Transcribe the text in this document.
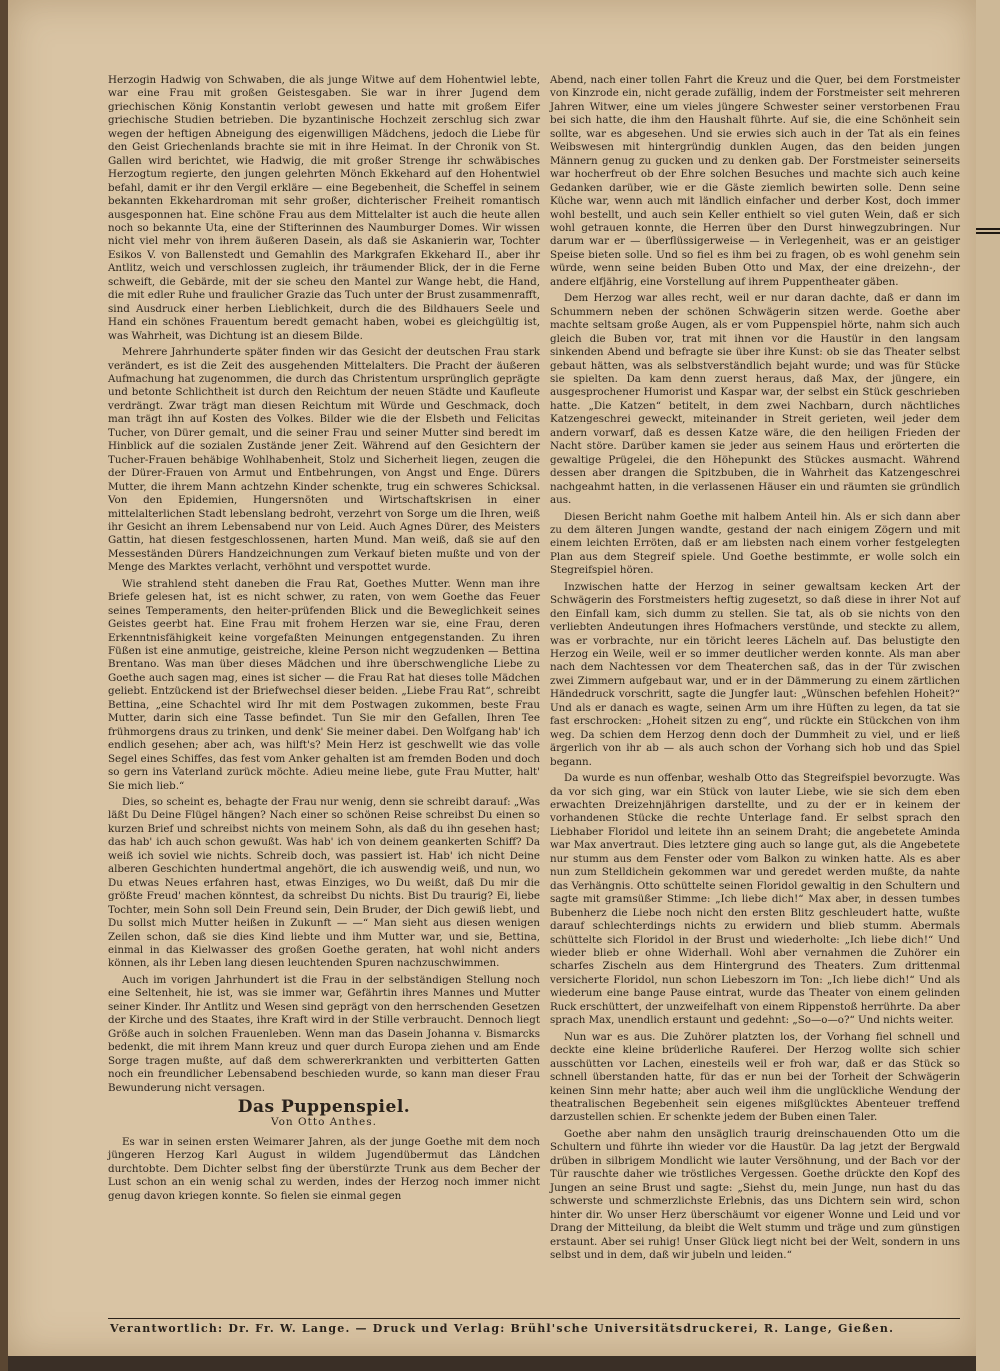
Herzogin Hadwig von Schwaben, die als junge Witwe auf dem Hohentwiel lebte, war eine Frau mit großen Geistesgaben. Sie war in ihrer Jugend dem griechischen König Konstantin verlobt gewesen und hatte mit großem Eifer griechische Studien betrieben. Die byzantinische Hochzeit zerschlug sich zwar wegen der heftigen Abneigung des eigenwilligen Mädchens, jedoch die Liebe für den Geist Griechenlands brachte sie mit in ihre Heimat. In der Chronik von St. Gallen wird berichtet, wie Hadwig, die mit großer Strenge ihr schwäbisches Herzogtum regierte, den jungen gelehrten Mönch Ekkehard auf den Hohentwiel befahl, damit er ihr den Vergil erkläre — eine Begebenheit, die Scheffel in seinem bekannten Ekkehardroman mit sehr großer, dichterischer Freiheit romantisch ausgesponnen hat. Eine schöne Frau aus dem Mittelalter ist auch die heute allen noch so bekannte Uta, eine der Stifterinnen des Naumburger Domes. Wir wissen nicht viel mehr von ihrem äußeren Dasein, als daß sie Askanierin war, Tochter Esikos V. von Ballenstedt und Gemahlin des Markgrafen Ekkehard II., aber ihr Antlitz, weich und verschlossen zugleich, ihr träumender Blick, der in die Ferne schweift, die Gebärde, mit der sie scheu den Mantel zur Wange hebt, die Hand, die mit edler Ruhe und fraulicher Grazie das Tuch unter der Brust zusammenrafft, sind Ausdruck einer herben Lieblichkeit, durch die des Bildhauers Seele und Hand ein schönes Frauentum beredt gemacht haben, wobei es gleichgültig ist, was Wahrheit, was Dichtung ist an diesem Bilde.

Mehrere Jahrhunderte später finden wir das Gesicht der deutschen Frau stark verändert, es ist die Zeit des ausgehenden Mittelalters. Die Pracht der äußeren Aufmachung hat zugenommen, die durch das Christentum ursprünglich geprägte und betonte Schlichtheit ist durch den Reichtum der neuen Städte und Kaufleute verdrängt. Zwar trägt man diesen Reichtum mit Würde und Geschmack, doch man trägt ihn auf Kosten des Volkes. Bilder wie die der Elsbeth und Felicitas Tucher, von Dürer gemalt, und die seiner Frau und seiner Mutter sind beredt im Hinblick auf die sozialen Zustände jener Zeit. Während auf den Gesichtern der Tucher-Frauen behäbige Wohlhabenheit, Stolz und Sicherheit liegen, zeugen die der Dürer-Frauen von Armut und Entbehrungen, von Angst und Enge. Dürers Mutter, die ihrem Mann achtzehn Kinder schenkte, trug ein schweres Schicksal. Von den Epidemien, Hungersnöten und Wirtschaftskrisen in einer mittelalterlichen Stadt lebenslang bedroht, verzehrt von Sorge um die Ihren, weiß ihr Gesicht an ihrem Lebensabend nur von Leid. Auch Agnes Dürer, des Meisters Gattin, hat diesen festgeschlossenen, harten Mund. Man weiß, daß sie auf den Messeständen Dürers Handzeichnungen zum Verkauf bieten mußte und von der Menge des Marktes verlacht, verhöhnt und verspottet wurde.

Wie strahlend steht daneben die Frau Rat, Goethes Mutter. Wenn man ihre Briefe gelesen hat, ist es nicht schwer, zu raten, von wem Goethe das Feuer seines Temperaments, den heiter-prüfenden Blick und die Beweglichkeit seines Geistes geerbt hat. Eine Frau mit frohem Herzen war sie, eine Frau, deren Erkenntnisfähigkeit keine vorgefaßten Meinungen entgegenstanden. Zu ihren Füßen ist eine anmutige, geistreiche, kleine Person nicht wegzudenken — Bettina Brentano. Was man über dieses Mädchen und ihre überschwengliche Liebe zu Goethe auch sagen mag, eines ist sicher — die Frau Rat hat dieses tolle Mädchen geliebt. Entzückend ist der Briefwechsel dieser beiden. „Liebe Frau Rat“, schreibt Bettina, „eine Schachtel wird Ihr mit dem Postwagen zukommen, beste Frau Mutter, darin sich eine Tasse befindet. Tun Sie mir den Gefallen, Ihren Tee frühmorgens draus zu trinken, und denk' Sie meiner dabei. Den Wolfgang hab' ich endlich gesehen; aber ach, was hilft's? Mein Herz ist geschwellt wie das volle Segel eines Schiffes, das fest vom Anker gehalten ist am fremden Boden und doch so gern ins Vaterland zurück möchte. Adieu meine liebe, gute Frau Mutter, halt' Sie mich lieb.“

Dies, so scheint es, behagte der Frau nur wenig, denn sie schreibt darauf: „Was läßt Du Deine Flügel hängen? Nach einer so schönen Reise schreibst Du einen so kurzen Brief und schreibst nichts von meinem Sohn, als daß du ihn gesehen hast; das hab' ich auch schon gewußt. Was hab' ich von deinem geankerten Schiff? Da weiß ich soviel wie nichts. Schreib doch, was passiert ist. Hab' ich nicht Deine alberen Geschichten hundertmal angehört, die ich auswendig weiß, und nun, wo Du etwas Neues erfahren hast, etwas Einziges, wo Du weißt, daß Du mir die größte Freud' machen könntest, da schreibst Du nichts. Bist Du traurig? Ei, liebe Tochter, mein Sohn soll Dein Freund sein, Dein Bruder, der Dich gewiß liebt, und Du sollst mich Mutter heißen in Zukunft — —“ Man sieht aus diesen wenigen Zeilen schon, daß sie dies Kind liebte und ihm Mutter war, und sie, Bettina, einmal in das Kielwasser des großen Goethe geraten, hat wohl nicht anders können, als ihr Leben lang diesen leuchtenden Spuren nachzuschwimmen.

Auch im vorigen Jahrhundert ist die Frau in der selbständigen Stellung noch eine Seltenheit, hie ist, was sie immer war, Gefährtin ihres Mannes und Mutter seiner Kinder. Ihr Antlitz und Wesen sind geprägt von den herrschenden Gesetzen der Kirche und des Staates, ihre Kraft wird in der Stille verbraucht. Dennoch liegt Größe auch in solchen Frauenleben. Wenn man das Dasein Johanna v. Bismarcks bedenkt, die mit ihrem Mann kreuz und quer durch Europa ziehen und am Ende Sorge tragen mußte, auf daß dem schwererkrankten und verbitterten Gatten noch ein freundlicher Lebensabend beschieden wurde, so kann man dieser Frau Bewunderung nicht versagen.

Das Puppenspiel.
Von Otto Anthes.

Es war in seinen ersten Weimarer Jahren, als der junge Goethe mit dem noch jüngeren Herzog Karl August in wildem Jugendübermut das Ländchen durchtobte. Dem Dichter selbst fing der überstürzte Trunk aus dem Becher der Lust schon an ein wenig schal zu werden, indes der Herzog noch immer nicht genug davon kriegen konnte. So fielen sie einmal gegen

Abend, nach einer tollen Fahrt die Kreuz und die Quer, bei dem Forstmeister von Kinzrode ein, nicht gerade zufällig, indem der Forstmeister seit mehreren Jahren Witwer, eine um vieles jüngere Schwester seiner verstorbenen Frau bei sich hatte, die ihm den Haushalt führte. Auf sie, die eine Schönheit sein sollte, war es abgesehen. Und sie erwies sich auch in der Tat als ein feines Weibswesen mit hintergründig dunklen Augen, das den beiden jungen Männern genug zu gucken und zu denken gab. Der Forstmeister seinerseits war hocherfreut ob der Ehre solchen Besuches und machte sich auch keine Gedanken darüber, wie er die Gäste ziemlich bewirten solle. Denn seine Küche war, wenn auch mit ländlich einfacher und derber Kost, doch immer wohl bestellt, und auch sein Keller enthielt so viel guten Wein, daß er sich wohl getrauen konnte, die Herren über den Durst hinwegzubringen. Nur darum war er — überflüssigerweise — in Verlegenheit, was er an geistiger Speise bieten solle. Und so fiel es ihm bei zu fragen, ob es wohl genehm sein würde, wenn seine beiden Buben Otto und Max, der eine dreizehn-, der andere elfjährig, eine Vorstellung auf ihrem Puppentheater gäben.

Dem Herzog war alles recht, weil er nur daran dachte, daß er dann im Schummern neben der schönen Schwägerin sitzen werde. Goethe aber machte seltsam große Augen, als er vom Puppenspiel hörte, nahm sich auch gleich die Buben vor, trat mit ihnen vor die Haustür in den langsam sinkenden Abend und befragte sie über ihre Kunst: ob sie das Theater selbst gebaut hätten, was als selbstverständlich bejaht wurde; und was für Stücke sie spielten. Da kam denn zuerst heraus, daß Max, der jüngere, ein ausgesprochener Humorist und Kaspar war, der selbst ein Stück geschrieben hatte. „Die Katzen“ betitelt, in dem zwei Nachbarn, durch nächtliches Katzengeschrei geweckt, miteinander in Streit gerieten, weil jeder dem andern vorwarf, daß es dessen Katze wäre, die den heiligen Frieden der Nacht störe. Darüber kamen sie jeder aus seinem Haus und erörterten die gewaltige Prügelei, die den Höhepunkt des Stückes ausmacht. Während dessen aber drangen die Spitzbuben, die in Wahrheit das Katzengeschrei nachgeahmt hatten, in die verlassenen Häuser ein und räumten sie gründlich aus.

Diesen Bericht nahm Goethe mit halbem Anteil hin. Als er sich dann aber zu dem älteren Jungen wandte, gestand der nach einigem Zögern und mit einem leichten Erröten, daß er am liebsten nach einem vorher festgelegten Plan aus dem Stegreif spiele. Und Goethe bestimmte, er wolle solch ein Stegreifspiel hören.

Inzwischen hatte der Herzog in seiner gewaltsam kecken Art der Schwägerin des Forstmeisters heftig zugesetzt, so daß diese in ihrer Not auf den Einfall kam, sich dumm zu stellen. Sie tat, als ob sie nichts von den verliebten Andeutungen ihres Hofmachers verstünde, und steckte zu allem, was er vorbrachte, nur ein töricht leeres Lächeln auf. Das belustigte den Herzog ein Weile, weil er so immer deutlicher werden konnte. Als man aber nach dem Nachtessen vor dem Theaterchen saß, das in der Tür zwischen zwei Zimmern aufgebaut war, und er in der Dämmerung zu einem zärtlichen Händedruck vorschritt, sagte die Jungfer laut: „Wünschen befehlen Hoheit?“ Und als er danach es wagte, seinen Arm um ihre Hüften zu legen, da tat sie fast erschrocken: „Hoheit sitzen zu eng“, und rückte ein Stückchen von ihm weg. Da schien dem Herzog denn doch der Dummheit zu viel, und er ließ ärgerlich von ihr ab — als auch schon der Vorhang sich hob und das Spiel begann.

Da wurde es nun offenbar, weshalb Otto das Stegreifspiel bevorzugte. Was da vor sich ging, war ein Stück von lauter Liebe, wie sie sich dem eben erwachten Dreizehnjährigen darstellte, und zu der er in keinem der vorhandenen Stücke die rechte Unterlage fand. Er selbst sprach den Liebhaber Floridol und leitete ihn an seinem Draht; die angebetete Aminda war Max anvertraut. Dies letztere ging auch so lange gut, als die Angebetete nur stumm aus dem Fenster oder vom Balkon zu winken hatte. Als es aber nun zum Stelldichein gekommen war und geredet werden mußte, da nahte das Verhängnis. Otto schüttelte seinen Floridol gewaltig in den Schultern und sagte mit gramsüßer Stimme: „Ich liebe dich!“ Max aber, in dessen tumbes Bubenherz die Liebe noch nicht den ersten Blitz geschleudert hatte, wußte darauf schlechterdings nichts zu erwidern und blieb stumm. Abermals schüttelte sich Floridol in der Brust und wiederholte: „Ich liebe dich!“ Und wieder blieb er ohne Widerhall. Wohl aber vernahmen die Zuhörer ein scharfes Zischeln aus dem Hintergrund des Theaters. Zum drittenmal versicherte Floridol, nun schon Liebeszorn im Ton: „Ich liebe dich!“ Und als wiederum eine bange Pause eintrat, wurde das Theater von einem gelinden Ruck erschüttert, der unzweifelhaft von einem Rippenstoß herrührte. Da aber sprach Max, unendlich erstaunt und gedehnt: „So—o—o?“ Und nichts weiter.

Nun war es aus. Die Zuhörer platzten los, der Vorhang fiel schnell und deckte eine kleine brüderliche Rauferei. Der Herzog wollte sich schier ausschütten vor Lachen, einesteils weil er froh war, daß er das Stück so schnell überstanden hatte, für das er nun bei der Torheit der Schwägerin keinen Sinn mehr hatte; aber auch weil ihm die unglückliche Wendung der theatralischen Begebenheit sein eigenes mißglücktes Abenteuer treffend darzustellen schien. Er schenkte jedem der Buben einen Taler.

Goethe aber nahm den unsäglich traurig dreinschauenden Otto um die Schultern und führte ihn wieder vor die Haustür. Da lag jetzt der Bergwald drüben in silbrigem Mondlicht wie lauter Versöhnung, und der Bach vor der Tür rauschte daher wie tröstliches Vergessen. Goethe drückte den Kopf des Jungen an seine Brust und sagte: „Siehst du, mein Junge, nun hast du das schwerste und schmerzlichste Erlebnis, das uns Dichtern sein wird, schon hinter dir. Wo unser Herz überschäumt vor eigener Wonne und Leid und vor Drang der Mitteilung, da bleibt die Welt stumm und träge und zum günstigen erstaunt. Aber sei ruhig! Unser Glück liegt nicht bei der Welt, sondern in uns selbst und in dem, daß wir jubeln und leiden.“

Verantwortlich: Dr. Fr. W. Lange. — Druck und Verlag: Brühl'sche Universitätsdruckerei, R. Lange, Gießen.
